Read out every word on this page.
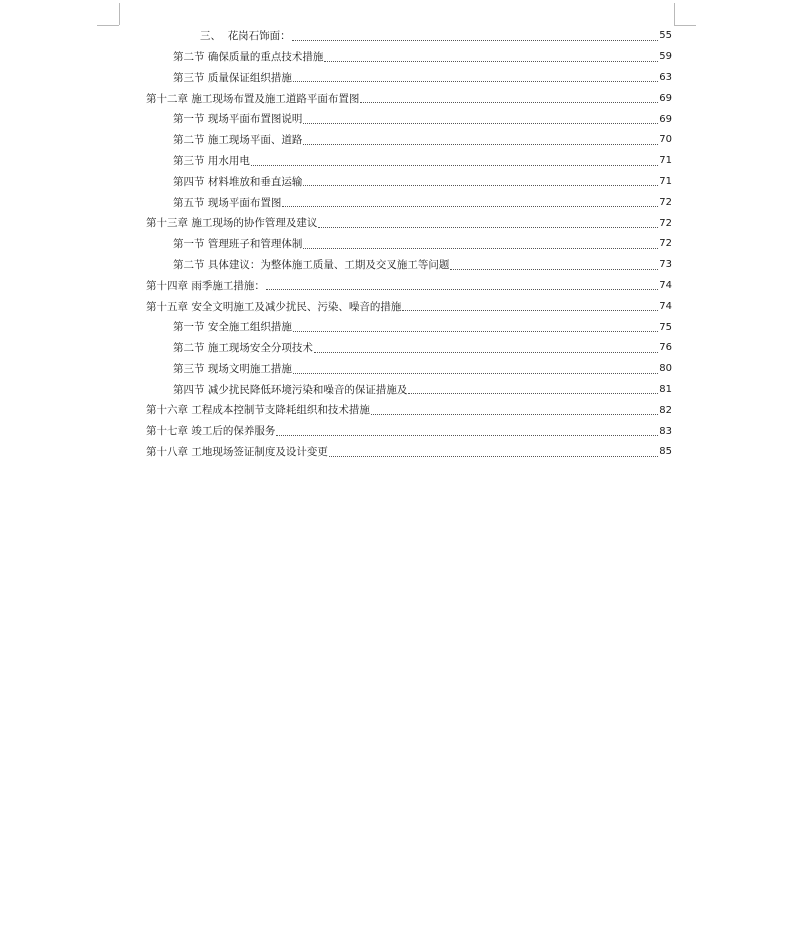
三、 花岗石饰面：	55
第二节 确保质量的重点技术措施	59
第三节 质量保证组织措施	63
第十二章 施工现场布置及施工道路平面布置图	69
第一节 现场平面布置图说明	69
第二节 施工现场平面、道路	70
第三节 用水用电	71
第四节 材料堆放和垂直运输	71
第五节 现场平面布置图	72
第十三章 施工现场的协作管理及建议	72
第一节 管理班子和管理体制	72
第二节 具体建议：为整体施工质量、工期及交叉施工等问题	73
第十四章 雨季施工措施：	74
第十五章 安全文明施工及减少扰民、污染、噪音的措施	74
第一节 安全施工组织措施	75
第二节 施工现场安全分项技术	76
第三节 现场文明施工措施	80
第四节 减少扰民降低环境污染和噪音的保证措施及	81
第十六章 工程成本控制节支降耗组织和技术措施	82
第十七章 竣工后的保养服务	83
第十八章 工地现场签证制度及设计变更	85
